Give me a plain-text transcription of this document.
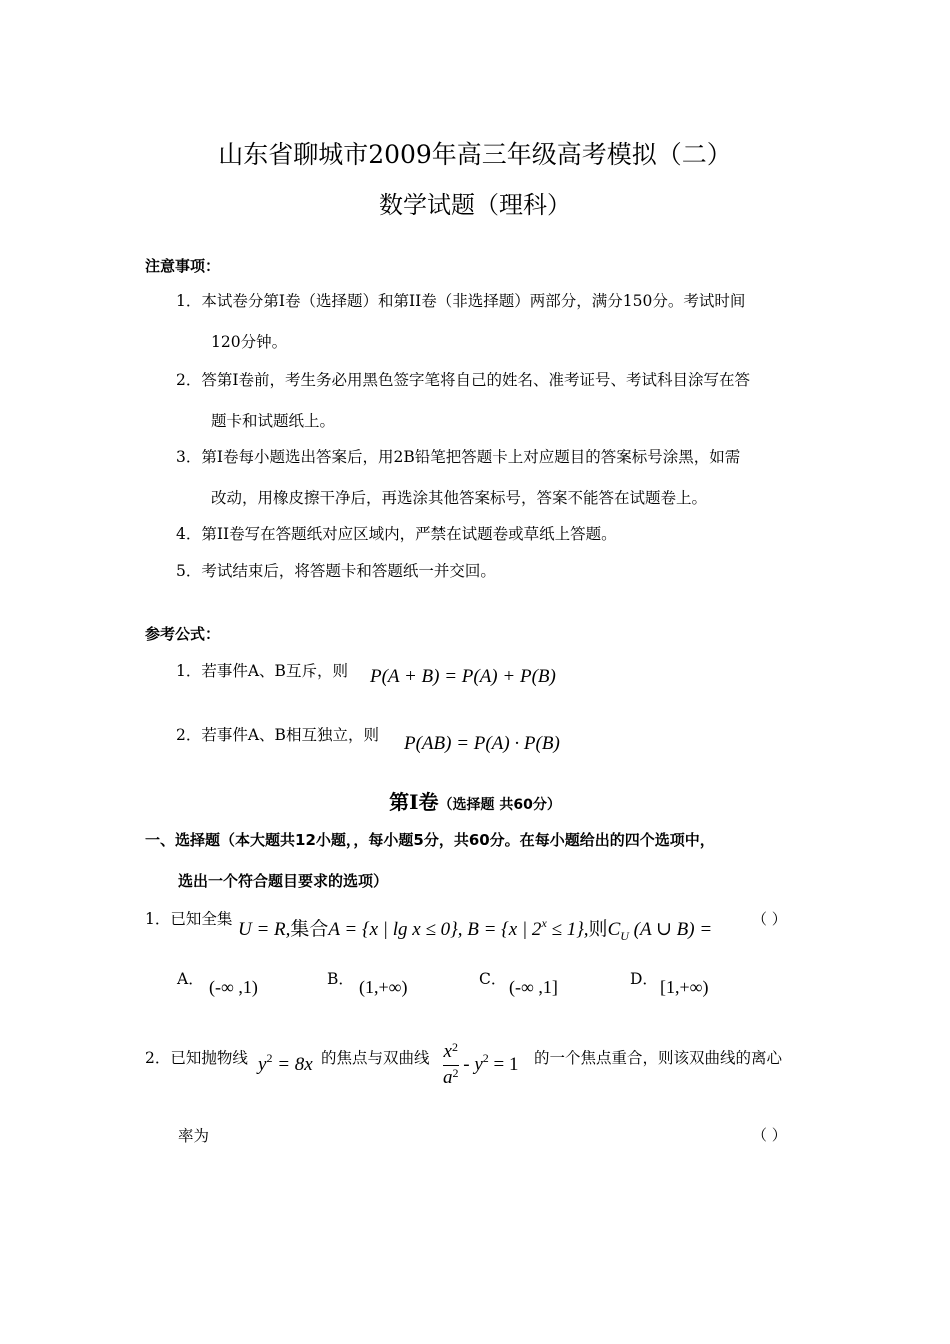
山东省聊城市2009年高三年级高考模拟（二）
数学试题（理科）
注意事项：
1．本试卷分第I卷（选择题）和第II卷（非选择题）两部分，满分150分。考试时间
120分钟。
2．答第Ⅰ卷前，考生务必用黑色签字笔将自己的姓名、准考证号、考试科目涂写在答
题卡和试题纸上。
3．第I卷每小题选出答案后，用2B铅笔把答题卡上对应题目的答案标号涂黑，如需
改动，用橡皮擦干净后，再选涂其他答案标号，答案不能答在试题卷上。
4．第II卷写在答题纸对应区域内，严禁在试题卷或草纸上答题。
5．考试结束后，将答题卡和答题纸一并交回。
参考公式：
1．若事件A、B互斥，则 P(A + B) = P(A) + P(B)
2．若事件A、B相互独立，则 P(AB) = P(A) · P(B)
第Ⅰ卷（选择题 共60分）
一、选择题（本大题共12小题，，每小题5分，共60分。在每小题给出的四个选项中，
选出一个符合题目要求的选项）
1．已知全集 U = R,集合A = {x | lg x ≤ 0}, B = {x | $2^x \le 1$},则$C_U$ (A ∪ B) =	（ ）
A． (-∞ ,1)	B． (1,+∞)	C． (-∞ ,1]	D． [1,+∞)
2．已知抛物线 $y^2 = 8x$ 的焦点与双曲线 $\frac{x^2}{a^2} - y^2 = 1$ 的一个焦点重合，则该双曲线的离心
率为	（ ）
